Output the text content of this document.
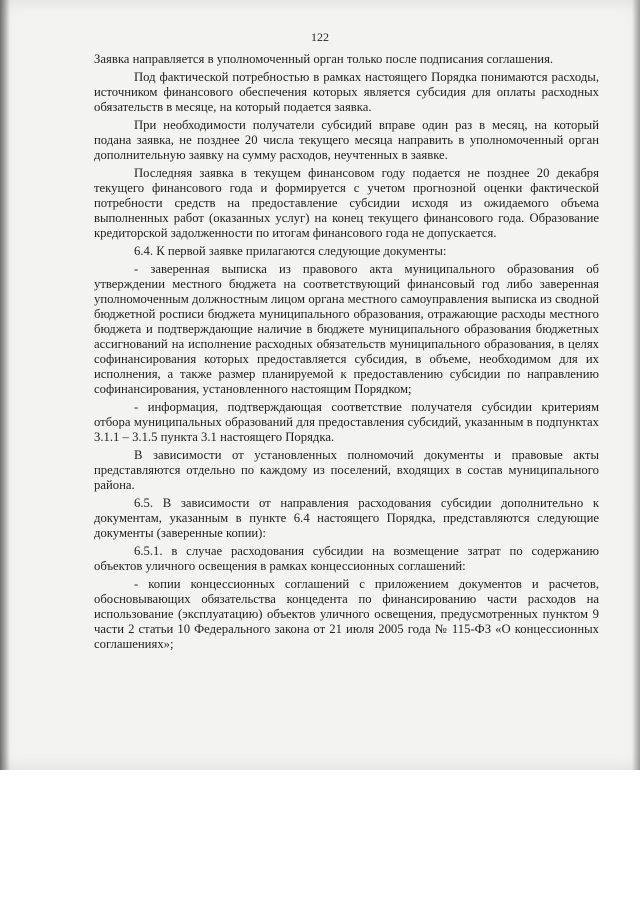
122

Заявка направляется в уполномоченный орган только после подписания соглашения.

Под фактической потребностью в рамках настоящего Порядка понимаются расходы, источником финансового обеспечения которых является субсидия для оплаты расходных обязательств в месяце, на который подается заявка.

При необходимости получатели субсидий вправе один раз в месяц, на который подана заявка, не позднее 20 числа текущего месяца направить в уполномоченный орган дополнительную заявку на сумму расходов, неучтенных в заявке.

Последняя заявка в текущем финансовом году подается не позднее 20 декабря текущего финансового года и формируется с учетом прогнозной оценки фактической потребности средств на предоставление субсидии исходя из ожидаемого объема выполненных работ (оказанных услуг) на конец текущего финансового года. Образование кредиторской задолженности по итогам финансового года не допускается.

6.4. К первой заявке прилагаются следующие документы:

- заверенная выписка из правового акта муниципального образования об утверждении местного бюджета на соответствующий финансовый год либо заверенная уполномоченным должностным лицом органа местного самоуправления выписка из сводной бюджетной росписи бюджета муниципального образования, отражающие расходы местного бюджета и подтверждающие наличие в бюджете муниципального образования бюджетных ассигнований на исполнение расходных обязательств муниципального образования, в целях софинансирования которых предоставляется субсидия, в объеме, необходимом для их исполнения, а также размер планируемой к предоставлению субсидии по направлению софинансирования, установленного настоящим Порядком;

- информация, подтверждающая соответствие получателя субсидии критериям отбора муниципальных образований для предоставления субсидий, указанным в подпунктах 3.1.1 – 3.1.5 пункта 3.1 настоящего Порядка.

В зависимости от установленных полномочий документы и правовые акты представляются отдельно по каждому из поселений, входящих в состав муниципального района.

6.5. В зависимости от направления расходования субсидии дополнительно к документам, указанным в пункте 6.4 настоящего Порядка, представляются следующие документы (заверенные копии):

6.5.1. в случае расходования субсидии на возмещение затрат по содержанию объектов уличного освещения в рамках концессионных соглашений:

- копии концессионных соглашений с приложением документов и расчетов, обосновывающих обязательства концедента по финансированию части расходов на использование (эксплуатацию) объектов уличного освещения, предусмотренных пунктом 9 части 2 статьи 10 Федерального закона от 21 июля 2005 года № 115-ФЗ «О концессионных соглашениях»;
